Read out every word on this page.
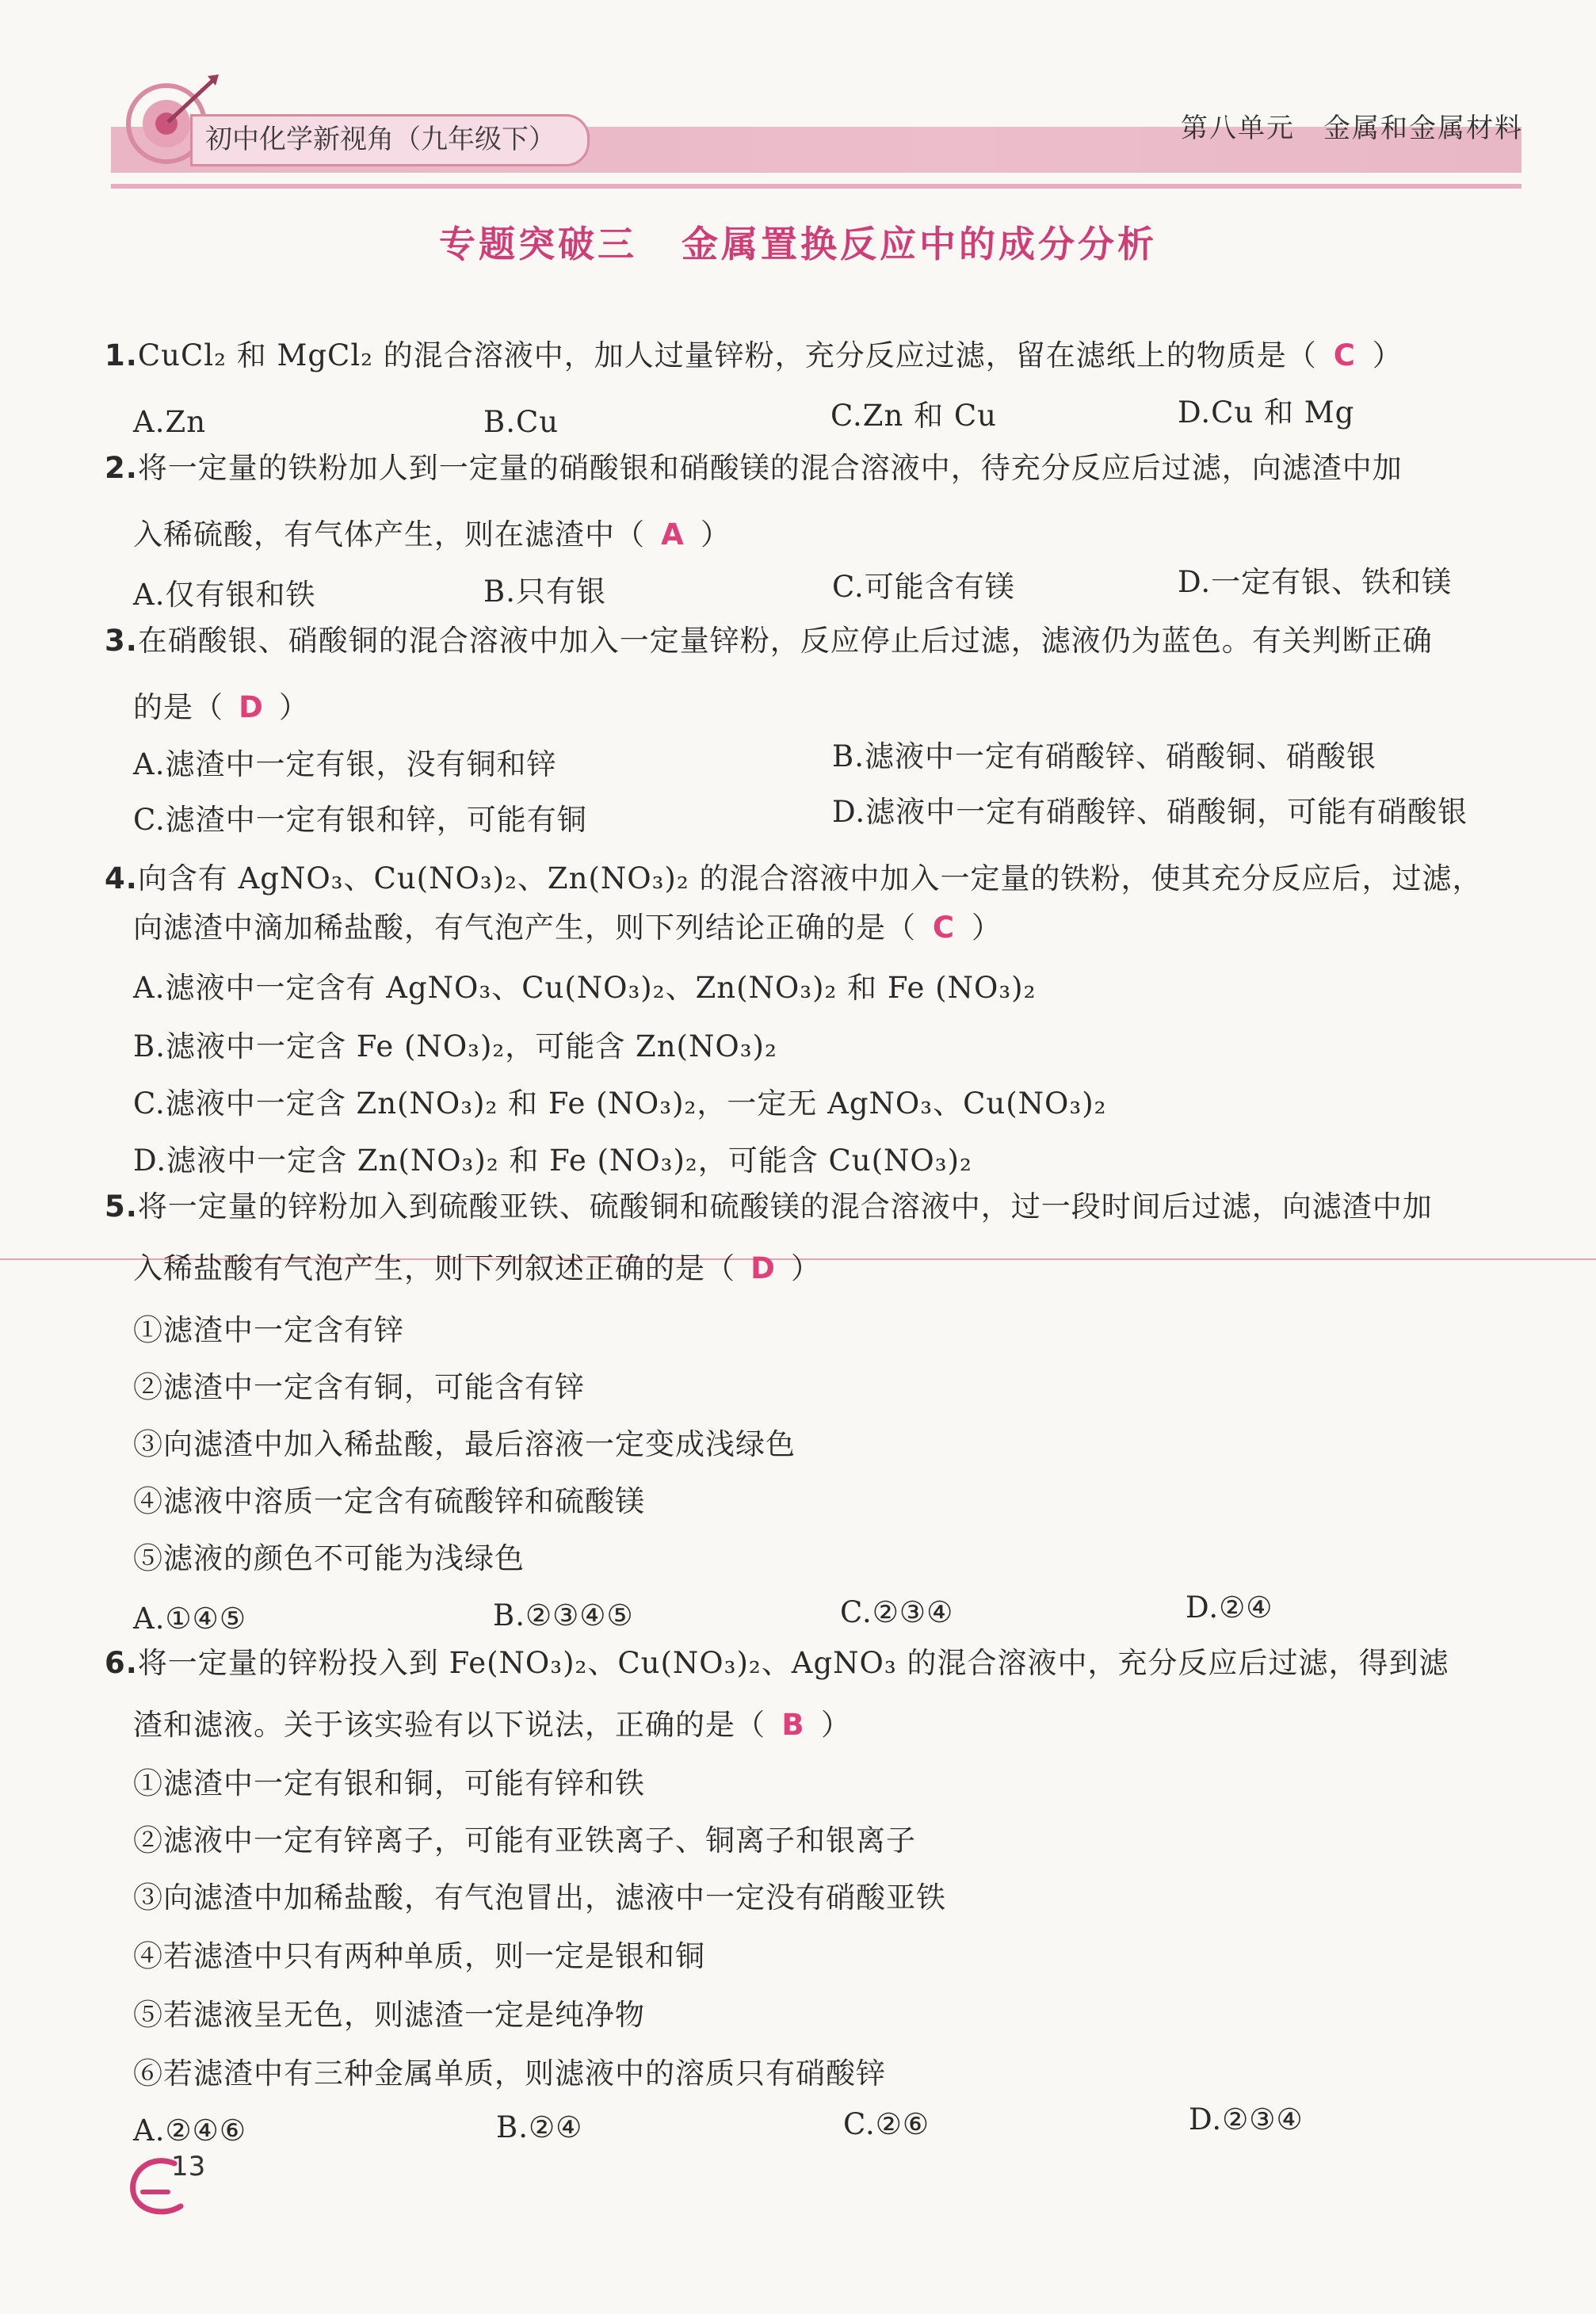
初中化学新视角（九年级下）	第八单元 金属和金属材料
专题突破三 金属置换反应中的成分分析
1.CuCl₂ 和 MgCl₂ 的混合溶液中，加人过量锌粉，充分反应过滤，留在滤纸上的物质是（ C ）
A.Zn	B.Cu	C.Zn 和 Cu	D.Cu 和 Mg
2.将一定量的铁粉加人到一定量的硝酸银和硝酸镁的混合溶液中，待充分反应后过滤，向滤渣中加
入稀硫酸，有气体产生，则在滤渣中（ A ）
A.仅有银和铁	B.只有银	C.可能含有镁	D.一定有银、铁和镁
3.在硝酸银、硝酸铜的混合溶液中加入一定量锌粉，反应停止后过滤，滤液仍为蓝色。有关判断正确
的是（ D ）
A.滤渣中一定有银，没有铜和锌	B.滤液中一定有硝酸锌、硝酸铜、硝酸银
C.滤渣中一定有银和锌，可能有铜	D.滤液中一定有硝酸锌、硝酸铜，可能有硝酸银
4.向含有 AgNO₃、Cu(NO₃)₂、Zn(NO₃)₂ 的混合溶液中加入一定量的铁粉，使其充分反应后，过滤，
向滤渣中滴加稀盐酸，有气泡产生，则下列结论正确的是（ C ）
A.滤液中一定含有 AgNO₃、Cu(NO₃)₂、Zn(NO₃)₂ 和 Fe (NO₃)₂
B.滤液中一定含 Fe (NO₃)₂，可能含 Zn(NO₃)₂
C.滤液中一定含 Zn(NO₃)₂ 和 Fe (NO₃)₂，一定无 AgNO₃、Cu(NO₃)₂
D.滤液中一定含 Zn(NO₃)₂ 和 Fe (NO₃)₂，可能含 Cu(NO₃)₂
5.将一定量的锌粉加入到硫酸亚铁、硫酸铜和硫酸镁的混合溶液中，过一段时间后过滤，向滤渣中加
入稀盐酸有气泡产生，则下列叙述正确的是（ D ）
①滤渣中一定含有锌
②滤渣中一定含有铜，可能含有锌
③向滤渣中加入稀盐酸，最后溶液一定变成浅绿色
④滤液中溶质一定含有硫酸锌和硫酸镁
⑤滤液的颜色不可能为浅绿色
A.①④⑤	B.②③④⑤	C.②③④	D.②④
6.将一定量的锌粉投入到 Fe(NO₃)₂、Cu(NO₃)₂、AgNO₃ 的混合溶液中，充分反应后过滤，得到滤
渣和滤液。关于该实验有以下说法，正确的是（ B ）
①滤渣中一定有银和铜，可能有锌和铁
②滤液中一定有锌离子，可能有亚铁离子、铜离子和银离子
③向滤渣中加稀盐酸，有气泡冒出，滤液中一定没有硝酸亚铁
④若滤渣中只有两种单质，则一定是银和铜
⑤若滤液呈无色，则滤渣一定是纯净物
⑥若滤渣中有三种金属单质，则滤液中的溶质只有硝酸锌
A.②④⑥	B.②④	C.②⑥	D.②③④
13
